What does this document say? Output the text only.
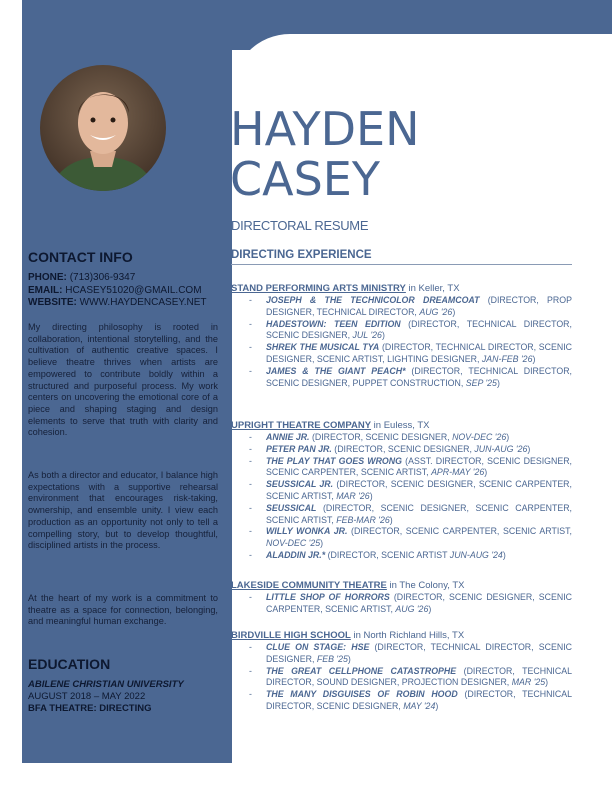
HAYDEN
CASEY
DIRECTORAL RESUME
CONTACT INFO
PHONE: (713)306-9347
EMAIL: HCASEY51020@GMAIL.COM
WEBSITE: WWW.HAYDENCASEY.NET
My directing philosophy is rooted in collaboration, intentional storytelling, and the cultivation of authentic creative spaces. I believe theatre thrives when artists are empowered to contribute boldly within a structured and purposeful process. My work centers on uncovering the emotional core of a piece and shaping staging and design elements to serve that truth with clarity and cohesion.
As both a director and educator, I balance high expectations with a supportive rehearsal environment that encourages risk-taking, ownership, and ensemble unity. I view each production as an opportunity not only to tell a compelling story, but to develop thoughtful, disciplined artists in the process.
At the heart of my work is a commitment to theatre as a space for connection, belonging, and meaningful human exchange.
EDUCATION
ABILENE CHRISTIAN UNIVERSITY
AUGUST 2018 – MAY 2022
BFA THEATRE: DIRECTING
DIRECTING EXPERIENCE
STAND PERFORMING ARTS MINISTRY in Keller, TX
- JOSEPH & THE TECHNICOLOR DREAMCOAT (DIRECTOR, PROP DESIGNER, TECHNICAL DIRECTOR, AUG '26)
- HADESTOWN: TEEN EDITION (DIRECTOR, TECHNICAL DIRECTOR, SCENIC DESIGNER, JUL '26)
- SHREK THE MUSICAL TYA (DIRECTOR, TECHNICAL DIRECTOR, SCENIC DESIGNER, SCENIC ARTIST, LIGHTING DESIGNER, JAN-FEB '26)
- JAMES & THE GIANT PEACH* (DIRECTOR, TECHNICAL DIRECTOR, SCENIC DESIGNER, PUPPET CONSTRUCTION, SEP '25)
UPRIGHT THEATRE COMPANY in Euless, TX
- ANNIE JR. (DIRECTOR, SCENIC DESIGNER, NOV-DEC '26)
- PETER PAN JR. (DIRECTOR, SCENIC DESIGNER, JUN-AUG '26)
- THE PLAY THAT GOES WRONG (ASST. DIRECTOR, SCENIC DESIGNER, SCENIC CARPENTER, SCENIC ARTIST, APR-MAY '26)
- SEUSSICAL JR. (DIRECTOR, SCENIC DESIGNER, SCENIC CARPENTER, SCENIC ARTIST, MAR '26)
- SEUSSICAL (DIRECTOR, SCENIC DESIGNER, SCENIC CARPENTER, SCENIC ARTIST, FEB-MAR '26)
- WILLY WONKA JR. (DIRECTOR, SCENIC CARPENTER, SCENIC ARTIST, NOV-DEC '25)
- ALADDIN JR.* (DIRECTOR, SCENIC ARTIST JUN-AUG '24)
LAKESIDE COMMUNITY THEATRE in The Colony, TX
- LITTLE SHOP OF HORRORS (DIRECTOR, SCENIC DESIGNER, SCENIC CARPENTER, SCENIC ARTIST, AUG '26)
BIRDVILLE HIGH SCHOOL in North Richland Hills, TX
- CLUE ON STAGE: HSE (DIRECTOR, TECHNICAL DIRECTOR, SCENIC DESIGNER, FEB '25)
- THE GREAT CELLPHONE CATASTROPHE (DIRECTOR, TECHNICAL DIRECTOR, SOUND DESIGNER, PROJECTION DESIGNER, MAR '25)
- THE MANY DISGUISES OF ROBIN HOOD (DIRECTOR, TECHNICAL DIRECTOR, SCENIC DESIGNER, MAY '24)
